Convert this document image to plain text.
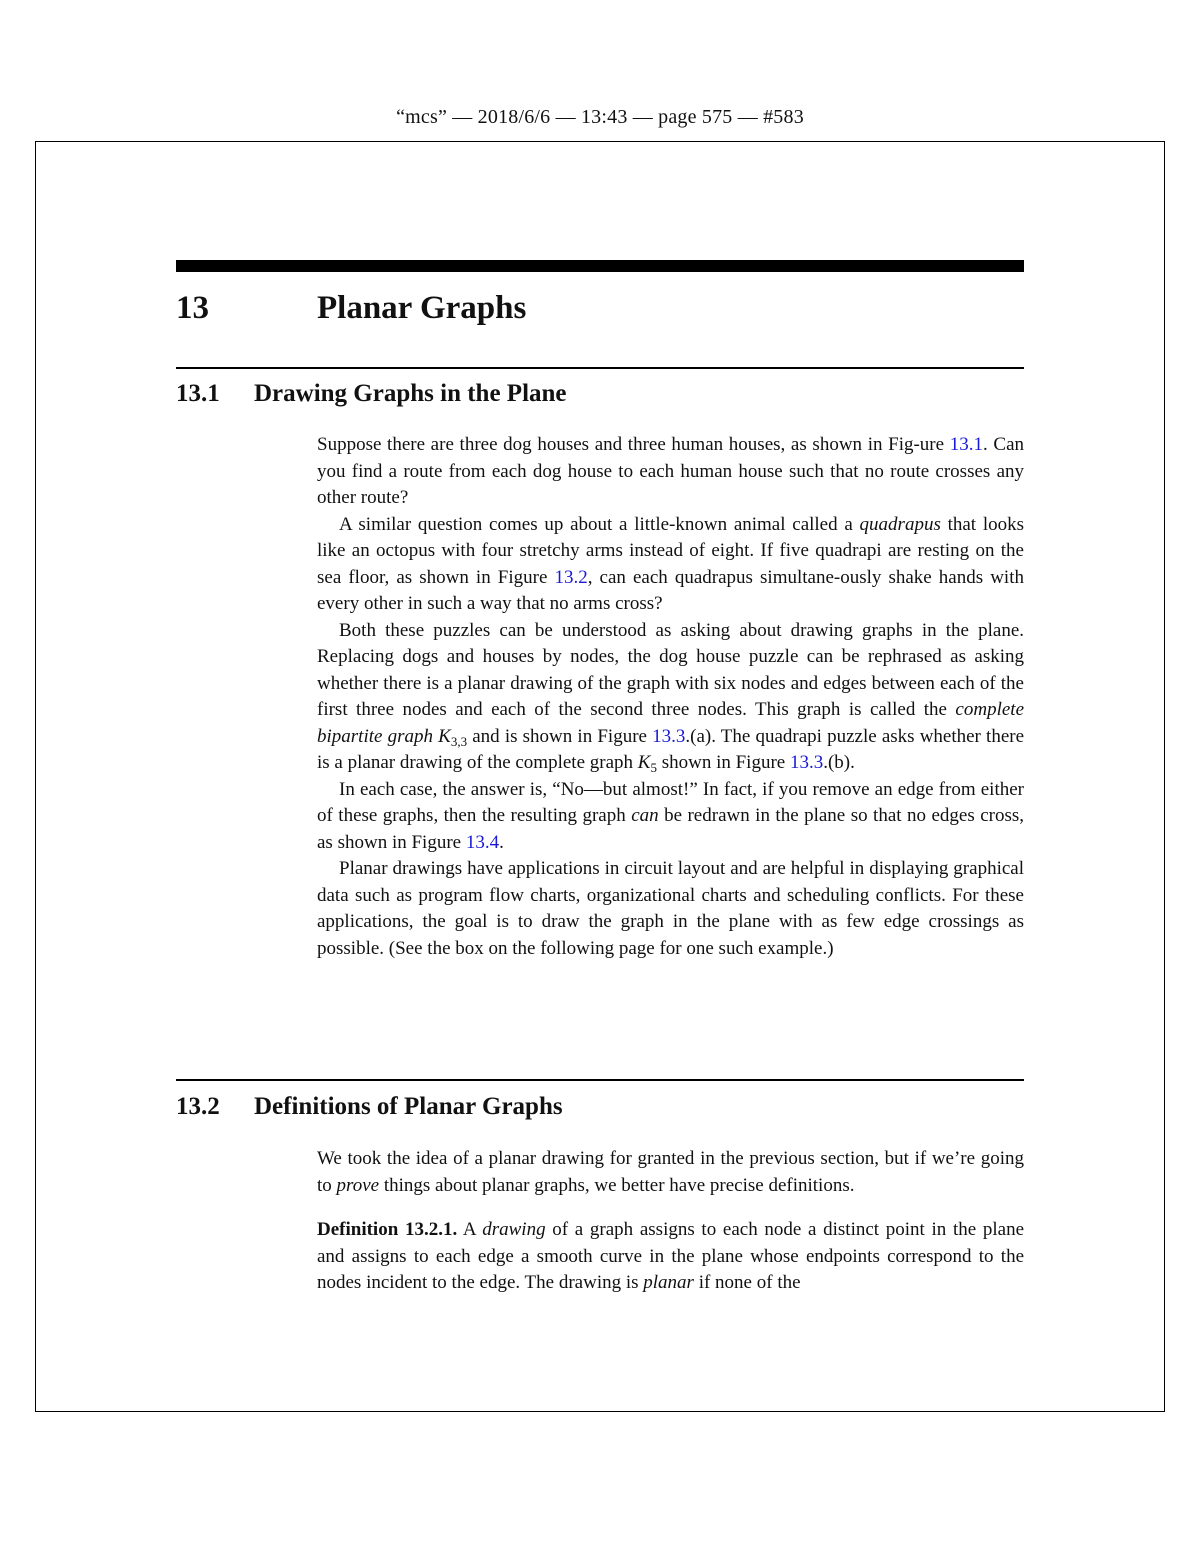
“mcs” — 2018/6/6 — 13:43 — page 575 — #583
13	Planar Graphs
13.1 Drawing Graphs in the Plane

Suppose there are three dog houses and three human houses, as shown in Fig-ure 13.1. Can you find a route from each dog house to each human house such that no route crosses any other route?

A similar question comes up about a little-known animal called a quadrapus that looks like an octopus with four stretchy arms instead of eight. If five quadrapi are resting on the sea floor, as shown in Figure 13.2, can each quadrapus simultane-ously shake hands with every other in such a way that no arms cross?

Both these puzzles can be understood as asking about drawing graphs in the plane. Replacing dogs and houses by nodes, the dog house puzzle can be rephrased as asking whether there is a planar drawing of the graph with six nodes and edges between each of the first three nodes and each of the second three nodes. This graph is called the complete bipartite graph $K_{3,3}$ and is shown in Figure 13.3.(a). The quadrapi puzzle asks whether there is a planar drawing of the complete graph $K_5$ shown in Figure 13.3.(b).

In each case, the answer is, “No—but almost!” In fact, if you remove an edge from either of these graphs, then the resulting graph can be redrawn in the plane so that no edges cross, as shown in Figure 13.4.

Planar drawings have applications in circuit layout and are helpful in displaying graphical data such as program flow charts, organizational charts and scheduling conflicts. For these applications, the goal is to draw the graph in the plane with as few edge crossings as possible. (See the box on the following page for one such example.)

13.2 Definitions of Planar Graphs

We took the idea of a planar drawing for granted in the previous section, but if we’re going to prove things about planar graphs, we better have precise definitions.

Definition 13.2.1. A drawing of a graph assigns to each node a distinct point in the plane and assigns to each edge a smooth curve in the plane whose endpoints correspond to the nodes incident to the edge. The drawing is planar if none of the
